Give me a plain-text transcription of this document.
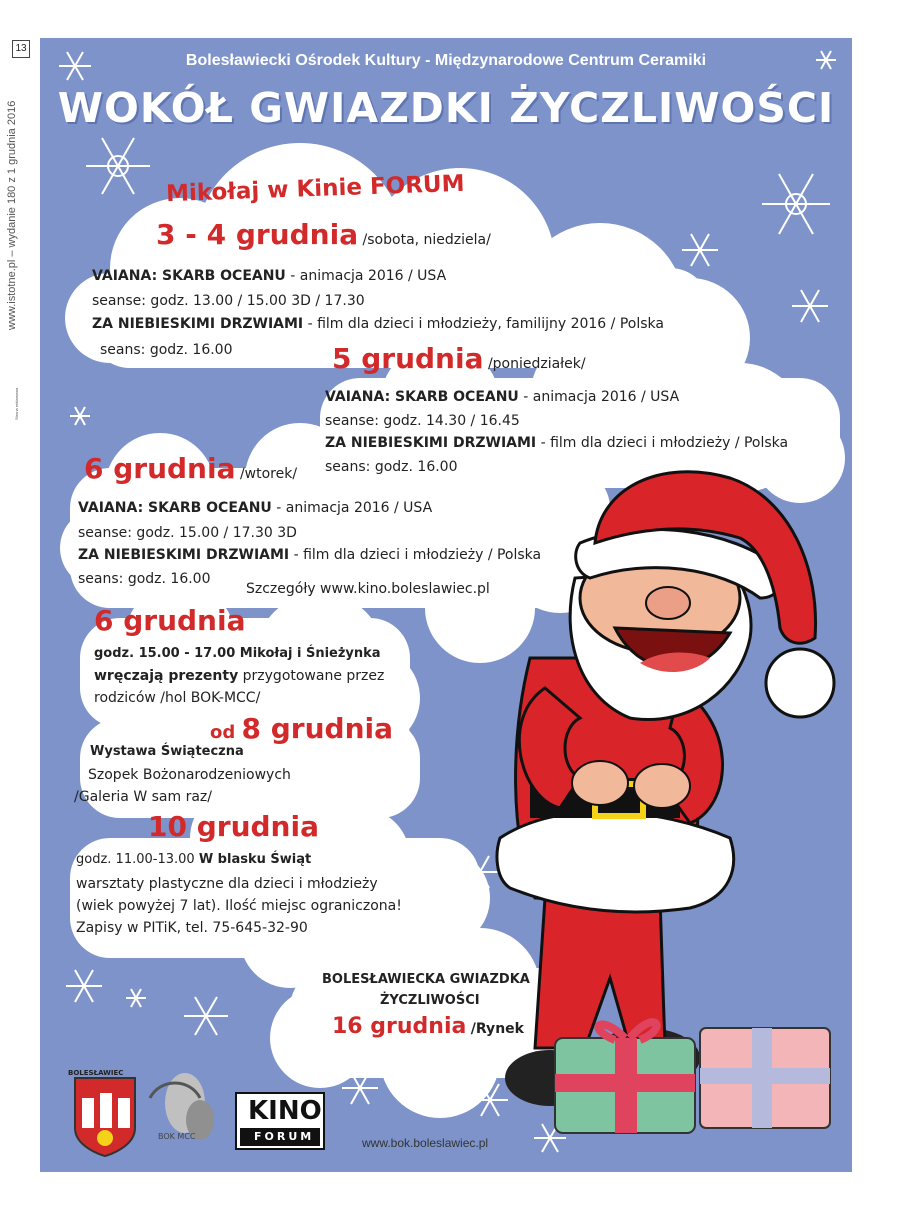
13
www.istotne.pl – wydanie 180 z 1 grudnia 2016
Strona reklamowa
Bolesławiecki Ośrodek Kultury - Międzynarodowe Centrum Ceramiki
WOKÓŁ GWIAZDKI ŻYCZLIWOŚCI
Mikołaj w Kinie FORUM
3 - 4 grudnia /sobota, niedziela/
VAIANA: SKARB OCEANU - animacja 2016 / USA
seanse: godz. 13.00 / 15.00 3D / 17.30
ZA NIEBIESKIMI DRZWIAMI - film dla dzieci i młodzieży, familijny 2016 / Polska
seans: godz. 16.00	5 grudnia /poniedziałek/
VAIANA: SKARB OCEANU - animacja 2016 / USA
seanse: godz. 14.30 / 16.45
ZA NIEBIESKIMI DRZWIAMI - film dla dzieci i młodzieży / Polska
seans: godz. 16.00
6 grudnia /wtorek/
VAIANA: SKARB OCEANU - animacja 2016 / USA
seanse: godz. 15.00 / 17.30 3D
ZA NIEBIESKIMI DRZWIAMI - film dla dzieci i młodzieży / Polska
seans: godz. 16.00
Szczegóły www.kino.boleslawiec.pl
6 grudnia
godz. 15.00 - 17.00 Mikołaj i Śnieżynka
wręczają prezenty przygotowane przez
rodziców /hol BOK-MCC/
od 8 grudnia
Wystawa Świąteczna
Szopek Bożonarodzeniowych
/Galeria W sam raz/
10 grudnia
godz. 11.00-13.00 W blasku Świąt
warsztaty plastyczne dla dzieci i młodzieży
(wiek powyżej 7 lat). Ilość miejsc ograniczona!
Zapisy w PITiK, tel. 75-645-32-90
BOLESŁAWIECKA GWIAZDKA
ŻYCZLIWOŚCI
16 grudnia /Rynek
BOLESŁAWIEC
BOK MCC
KINO
FORUM	www.bok.boleslawiec.pl
